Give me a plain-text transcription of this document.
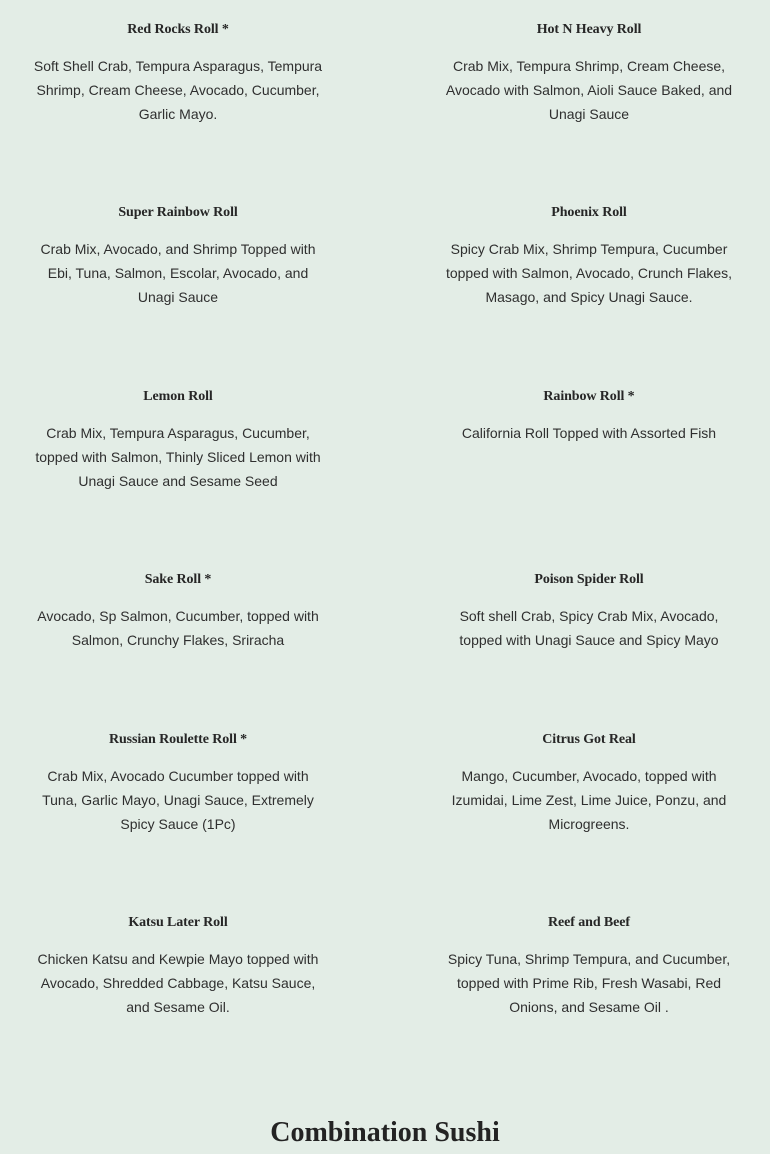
Red Rocks Roll *
Soft Shell Crab, Tempura Asparagus, Tempura Shrimp, Cream Cheese, Avocado, Cucumber, Garlic Mayo.
Hot N Heavy Roll
Crab Mix, Tempura Shrimp, Cream Cheese, Avocado with Salmon, Aioli Sauce Baked, and Unagi Sauce
Super Rainbow Roll
Crab Mix, Avocado, and Shrimp Topped with Ebi, Tuna, Salmon, Escolar, Avocado, and Unagi Sauce
Phoenix Roll
Spicy Crab Mix, Shrimp Tempura, Cucumber topped with Salmon, Avocado, Crunch Flakes, Masago, and Spicy Unagi Sauce.
Lemon Roll
Crab Mix, Tempura Asparagus, Cucumber, topped with Salmon, Thinly Sliced Lemon with Unagi Sauce and Sesame Seed
Rainbow Roll *
California Roll Topped with Assorted Fish
Sake Roll *
Avocado, Sp Salmon, Cucumber, topped with Salmon, Crunchy Flakes, Sriracha
Poison Spider Roll
Soft shell Crab, Spicy Crab Mix, Avocado, topped with Unagi Sauce and Spicy Mayo
Russian Roulette Roll *
Crab Mix, Avocado Cucumber topped with Tuna, Garlic Mayo, Unagi Sauce, Extremely Spicy Sauce (1Pc)
Citrus Got Real
Mango, Cucumber, Avocado, topped with Izumidai, Lime Zest, Lime Juice, Ponzu, and Microgreens.
Katsu Later Roll
Chicken Katsu and Kewpie Mayo topped with Avocado, Shredded Cabbage, Katsu Sauce, and Sesame Oil.
Reef and Beef
Spicy Tuna, Shrimp Tempura, and Cucumber, topped with Prime Rib, Fresh Wasabi, Red Onions, and Sesame Oil .
Combination Sushi
